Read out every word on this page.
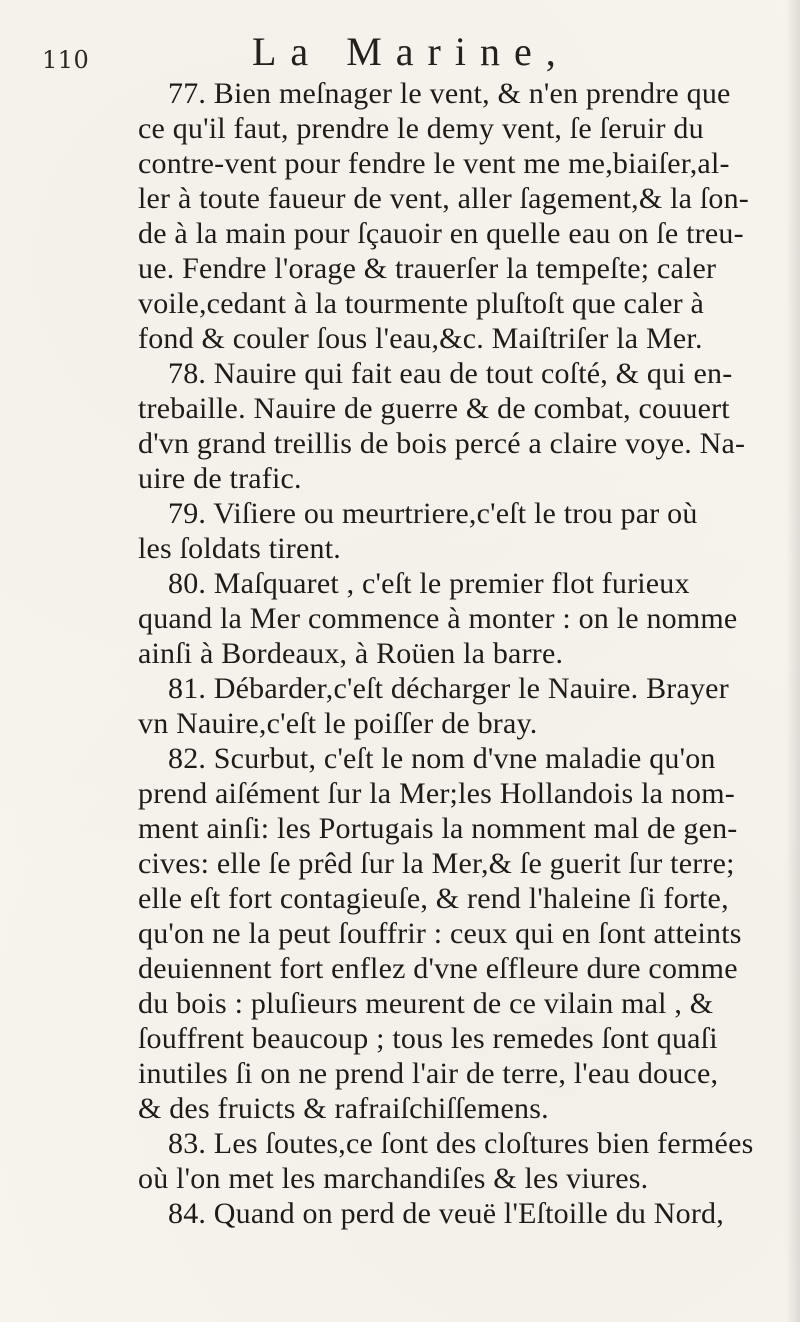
110	La Marine,
77. Bien meſnager le vent, & n'en prendre que
ce qu'il faut, prendre le demy vent, ſe ſeruir du
contre-vent pour fendre le vent me me,biaiſer,al-
ler à toute faueur de vent, aller ſagement,& la ſon-
de à la main pour ſçauoir en quelle eau on ſe treu-
ue. Fendre l'orage & trauerſer la tempeſte; caler
voile,cedant à la tourmente pluſtoſt que caler à
fond & couler ſous l'eau,&c. Maiſtriſer la Mer.
78. Nauire qui fait eau de tout coſté, & qui en-
trebaille. Nauire de guerre & de combat, couuert
d'vn grand treillis de bois percé a claire voye. Na-
uire de trafic.
79. Viſiere ou meurtriere,c'eſt le trou par où
les ſoldats tirent.
80. Maſquaret , c'eſt le premier flot furieux
quand la Mer commence à monter : on le nomme
ainſi à Bordeaux, à Roüen la barre.
81. Débarder,c'eſt décharger le Nauire. Brayer
vn Nauire,c'eſt le poiſſer de bray.
82. Scurbut, c'eſt le nom d'vne maladie qu'on
prend aiſément ſur la Mer;les Hollandois la nom-
ment ainſi: les Portugais la nomment mal de gen-
cives: elle ſe prêd ſur la Mer,& ſe guerit ſur terre;
elle eſt fort contagieuſe, & rend l'haleine ſi forte,
qu'on ne la peut ſouffrir : ceux qui en ſont atteints
deuiennent fort enflez d'vne eſfleure dure comme
du bois : pluſieurs meurent de ce vilain mal , &
ſouffrent beaucoup ; tous les remedes ſont quaſi
inutiles ſi on ne prend l'air de terre, l'eau douce,
& des fruicts & rafraiſchiſſemens.
83. Les ſoutes,ce ſont des cloſtures bien fermées
où l'on met les marchandiſes & les viures.
84. Quand on perd de veuë l'Eſtoille du Nord,
